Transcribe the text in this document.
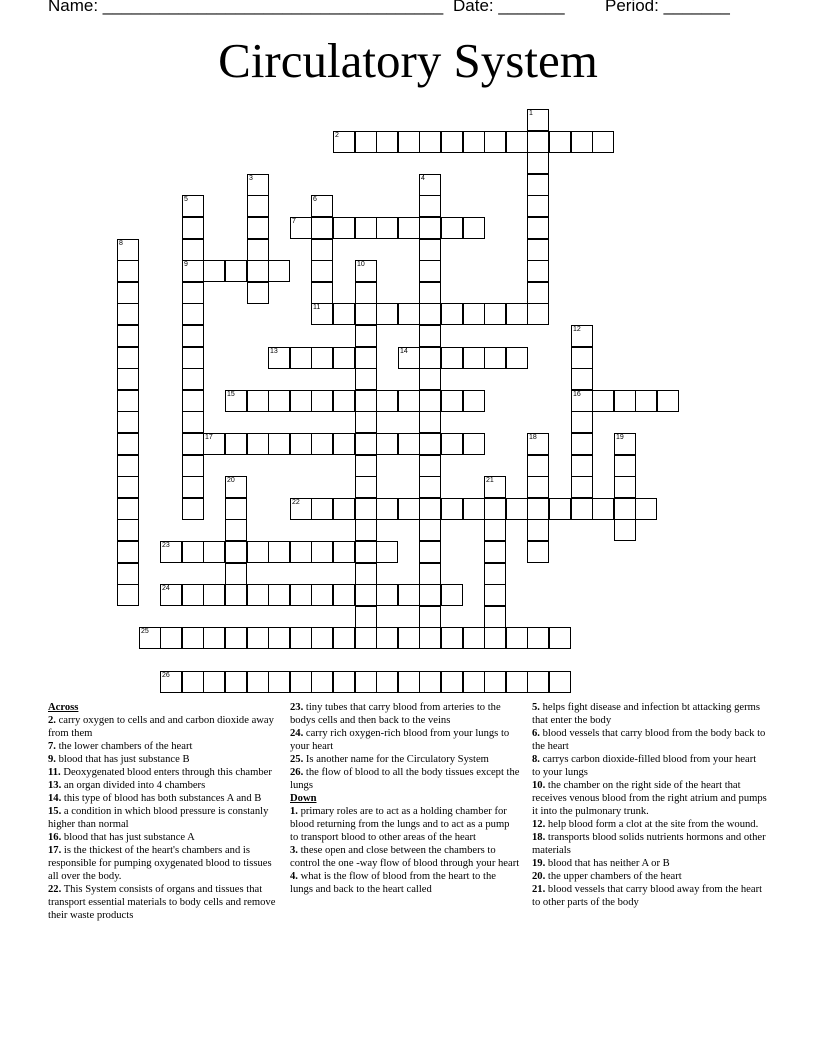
Name: ____________________________________ Date: _______ Period: _______
Circulatory System
1
2
3	4
5
9
6
11
7
8
10
12
16
13	14
15
17	18	19
20	21
22
23
24
25
26

Across

2. carry oxygen to cells and and carbon dioxide away from them

7. the lower chambers of the heart

9. blood that has just substance B

11. Deoxygenated blood enters through this chamber

13. an organ divided into 4 chambers

14. this type of blood has both substances A and B

15. a condition in which blood pressure is constanly higher than normal

16. blood that has just substance A

17. is the thickest of the heart's chambers and is responsible for pumping oxygenated blood to tissues all over the body.

22. This System consists of organs and tissues that transport essential materials to body cells and remove their waste products

23. tiny tubes that carry blood from arteries to the bodys cells and then back to the veins

24. carry rich oxygen-rich blood from your lungs to your heart

25. Is another name for the Circulatory System

26. the flow of blood to all the body tissues except the lungs

Down

1. primary roles are to act as a holding chamber for blood returning from the lungs and to act as a pump to transport blood to other areas of the heart

3. these open and close between the chambers to control the one -way flow of blood through your heart

4. what is the flow of blood from the heart to the lungs and back to the heart called

5. helps fight disease and infection bt attacking germs that enter the body

6. blood vessels that carry blood from the body back to the heart

8. carrys carbon dioxide-filled blood from your heart to your lungs

10. the chamber on the right side of the heart that receives venous blood from the right atrium and pumps it into the pulmonary trunk.

12. help blood form a clot at the site from the wound.

18. transports blood solids nutrients hormons and other materials

19. blood that has neither A or B

20. the upper chambers of the heart

21. blood vessels that carry blood away from the heart to other parts of the body
